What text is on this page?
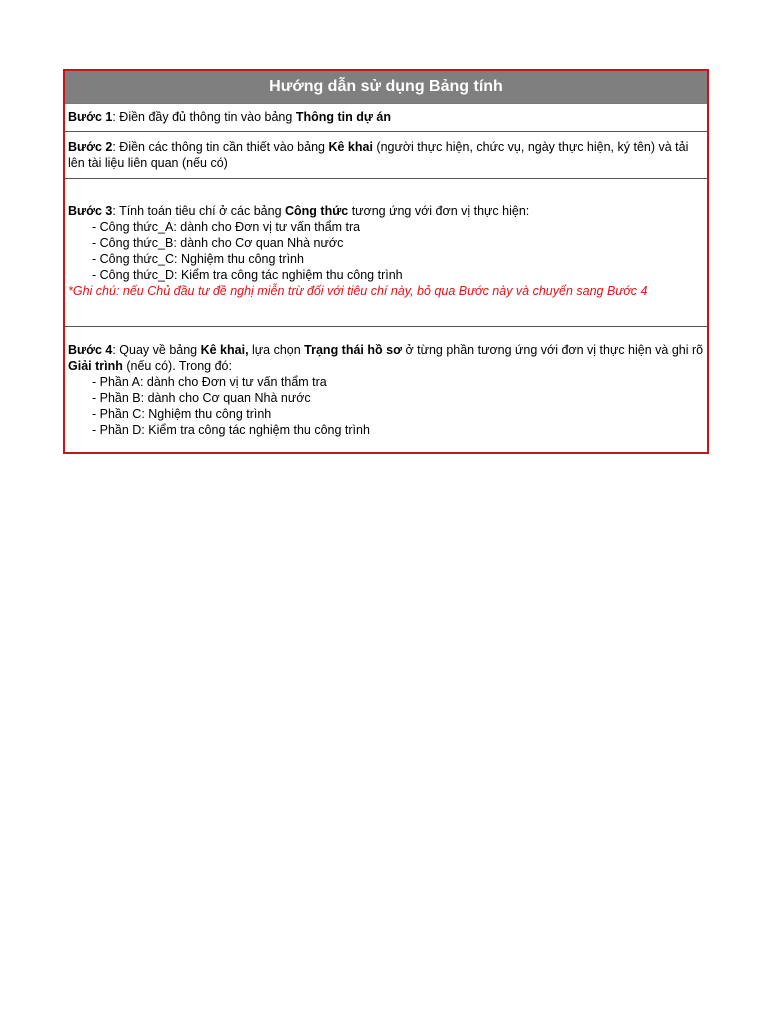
Hướng dẫn sử dụng Bảng tính
Bước 1: Điền đầy đủ thông tin vào bảng Thông tin dự án
Bước 2: Điền các thông tin cần thiết vào bảng Kê khai (người thực hiện, chức vụ, ngày thực hiện, ký tên) và tải lên tài liệu liên quan (nếu có)
Bước 3: Tính toán tiêu chí ở các bảng Công thức tương ứng với đơn vị thực hiện:
- Công thức_A: dành cho Đơn vị tư vấn thẩm tra
- Công thức_B: dành cho Cơ quan Nhà nước
- Công thức_C: Nghiệm thu công trình
- Công thức_D: Kiểm tra công tác nghiệm thu công trình
*Ghi chú: nếu Chủ đầu tư đề nghị miễn trừ đối với tiêu chí này, bỏ qua Bước này và chuyển sang Bước 4
Bước 4: Quay về bảng Kê khai, lựa chọn Trạng thái hồ sơ ở từng phần tương ứng với đơn vị thực hiện và ghi rõ Giải trình (nếu có). Trong đó:
- Phần A: dành cho Đơn vị tư vấn thẩm tra
- Phần B: dành cho Cơ quan Nhà nước
- Phần C: Nghiệm thu công trình
- Phần D: Kiểm tra công tác nghiệm thu công trình
